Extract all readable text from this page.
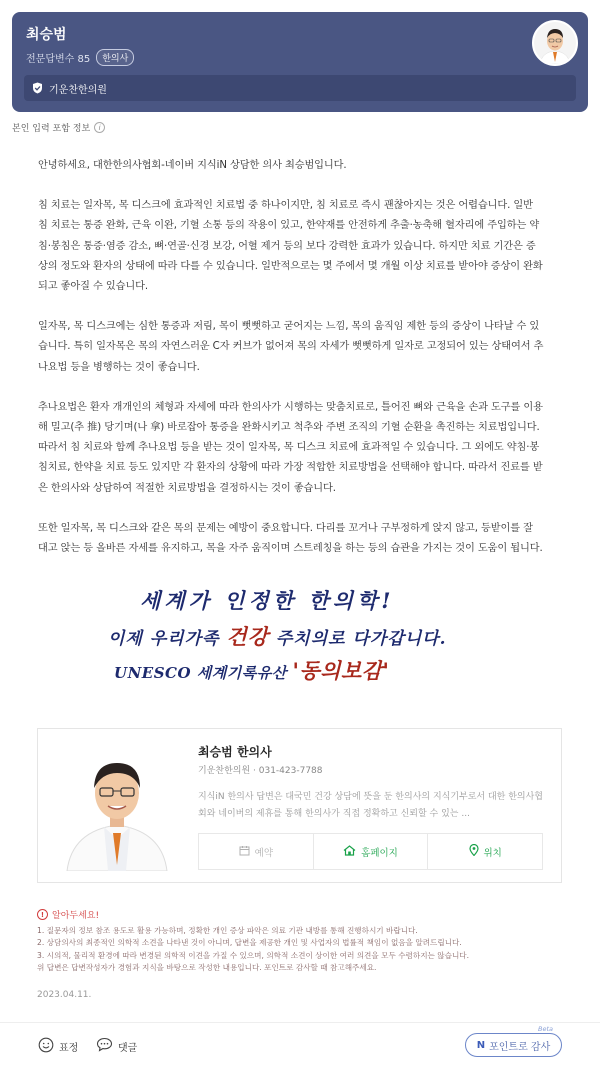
최승범
전문답변수 85	한의사
기운찬한의원
본인 입력 포함 정보	i

안녕하세요, 대한한의사협회-네이버 지식iN 상담한 의사 최승범입니다.

침 치료는 일자목, 목 디스크에 효과적인 치료법 중 하나이지만, 침 치료로 즉시 괜찮아지는 것은 어렵습니다. 일반
침 치료는 통증 완화, 근육 이완, 기혈 소통 등의 작용이 있고, 한약재를 안전하게 추출·농축해 혈자리에 주입하는 약
침·봉침은 통증·염증 감소, 뼈·연골·신경 보강, 어혈 제거 등의 보다 강력한 효과가 있습니다. 하지만 치료 기간은 증
상의 정도와 환자의 상태에 따라 다를 수 있습니다. 일반적으로는 몇 주에서 몇 개월 이상 치료를 받아야 증상이 완화
되고 좋아질 수 있습니다.

일자목, 목 디스크에는 심한 통증과 저림, 목이 뻣뻣하고 굳어지는 느낌, 목의 움직임 제한 등의 증상이 나타날 수 있
습니다. 특히 일자목은 목의 자연스러운 C자 커브가 없어져 목의 자세가 뻣뻣하게 일자로 고정되어 있는 상태여서 추
나요법 등을 병행하는 것이 좋습니다.

추나요법은 환자 개개인의 체형과 자세에 따라 한의사가 시행하는 맞춤치료로, 틀어진 뼈와 근육을 손과 도구를 이용
해 밀고(추 推) 당기며(나 拿) 바로잡아 통증을 완화시키고 척추와 주변 조직의 기혈 순환을 촉진하는 치료법입니다.
따라서 침 치료와 함께 추나요법 등을 받는 것이 일자목, 목 디스크 치료에 효과적일 수 있습니다. 그 외에도 약침·봉
침치료, 한약을 치료 등도 있지만 각 환자의 상황에 따라 가장 적합한 치료방법을 선택해야 합니다. 따라서 진료를 받
은 한의사와 상담하여 적절한 치료방법을 결정하시는 것이 좋습니다.

또한 일자목, 목 디스크와 같은 목의 문제는 예방이 중요합니다. 다리를 꼬거나 구부정하게 앉지 않고, 등받이를 잘
대고 앉는 등 올바른 자세를 유지하고, 목을 자주 움직이며 스트레칭을 하는 등의 습관을 가지는 것이 도움이 됩니다.

세계가 인정한 한의학!
이제 우리가족 건강 주치의로 다가갑니다.
UNESCO 세계기록유산 '동의보감'
최승범 한의사
기운찬한의원 · 031-423-7788
지식iN 한의사 답변은 대국민 건강 상담에 뜻을 둔 한의사의 지식기부로서 대한 한의사협회와 네이버의 제휴를 통해 한의사가 직접 정확하고 신뢰할 수 있는 ...
예약	홈페이지	위치
! 알아두세요!
1. 질문자의 정보 참조 용도로 활용 가능하며, 정확한 개인 증상 파악은 의료 기관 내방를 통해 진행하시기 바랍니다.
2. 상담의사의 최종적인 의학적 소견을 나타낸 것이 아니며, 답변을 제공한 개인 및 사업자의 법률적 책임이 없음을 알려드립니다.
3. 시의적, 물리적 환경에 따라 변경된 의학적 이견을 가질 수 있으며, 의학적 소견이 상이한 여러 의견을 모두 수렴하지는 않습니다.
위 답변은 답변작성자가 경험과 지식을 바탕으로 작성한 내용입니다. 포인트로 감사할 때 참고해주세요.
2023.04.11.
표정	댓글
Beta
N 포인트로 감사
